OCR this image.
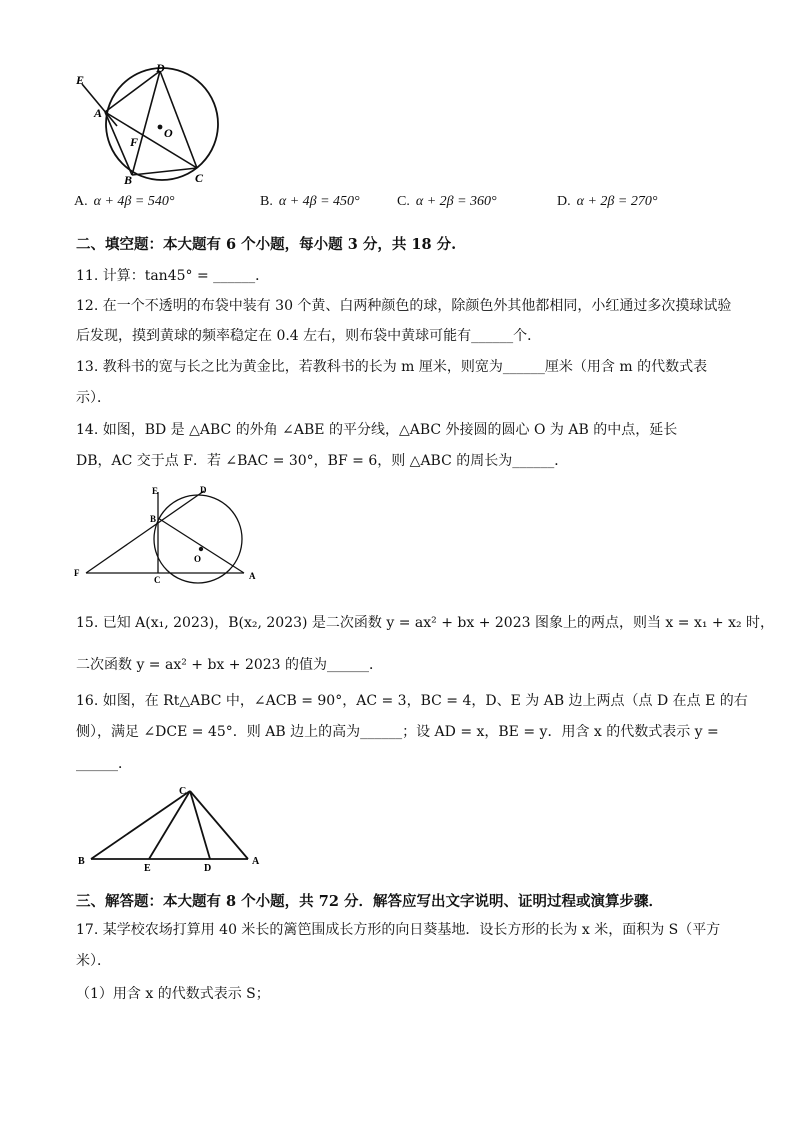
E
D
A
O
F
B	C
A. α + 4β = 540°	B. α + 4β = 450°	C. α + 2β = 360°	D. α + 2β = 270°
二、填空题：本大题有 6 个小题，每小题 3 分，共 18 分.
11. 计算：tan45° = ______．
12. 在一个不透明的布袋中装有 30 个黄、白两种颜色的球，除颜色外其他都相同，小红通过多次摸球试验
后发现，摸到黄球的频率稳定在 0.4 左右，则布袋中黄球可能有______个．
13. 教科书的宽与长之比为黄金比，若教科书的长为 m 厘米，则宽为______厘米（用含 m 的代数式表
示）．
14. 如图，BD 是 △ABC 的外角 ∠ABE 的平分线，△ABC 外接圆的圆心 O 为 AB 的中点，延长
DB，AC 交于点 F．若 ∠BAC = 30°，BF = 6，则 △ABC 的周长为______．
E	D
B
O
F
C	A
15. 已知 A(x₁, 2023)，B(x₂, 2023) 是二次函数 y = ax² + bx + 2023 图象上的两点，则当 x = x₁ + x₂ 时，
二次函数 y = ax² + bx + 2023 的值为______．
16. 如图，在 Rt△ABC 中，∠ACB = 90°，AC = 3，BC = 4，D、E 为 AB 边上两点（点 D 在点 E 的右
侧），满足 ∠DCE = 45°．则 AB 边上的高为______；设 AD = x，BE = y．用含 x 的代数式表示 y =
______．
C
B
E	D
A
三、解答题：本大题有 8 个小题，共 72 分．解答应写出文字说明、证明过程或演算步骤．
17. 某学校农场打算用 40 米长的篱笆围成长方形的向日葵基地．设长方形的长为 x 米，面积为 S（平方
米）．
（1）用含 x 的代数式表示 S；
